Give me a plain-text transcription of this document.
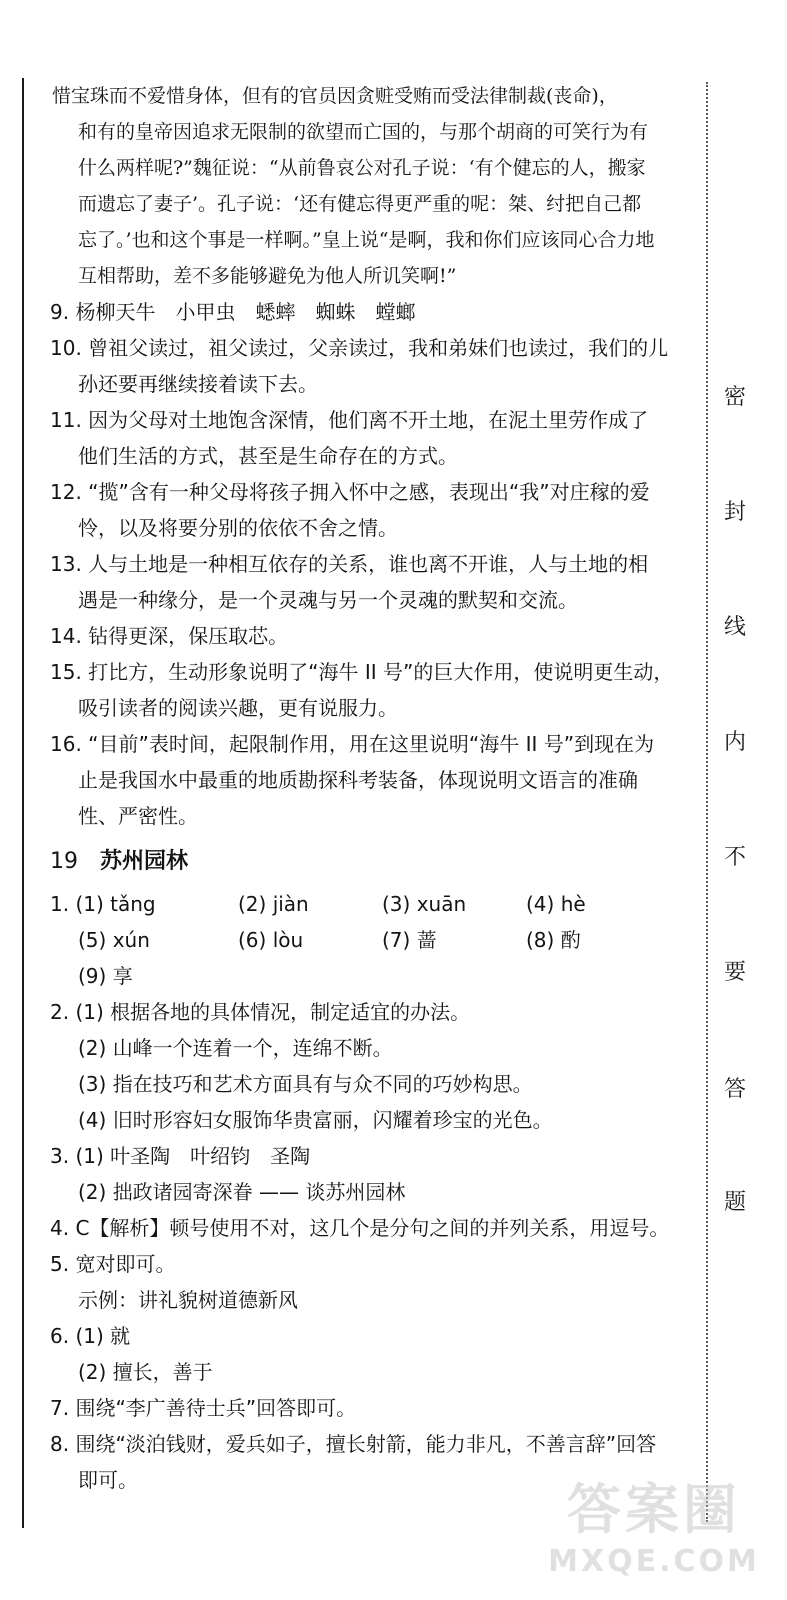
密
封
线
内
不
要
答
题
惜宝珠而不爱惜身体，但有的官员因贪赃受贿而受法律制裁(丧命)，
和有的皇帝因追求无限制的欲望而亡国的，与那个胡商的可笑行为有
什么两样呢?”魏征说：“从前鲁哀公对孔子说：‘有个健忘的人，搬家
而遗忘了妻子’。孔子说：‘还有健忘得更严重的呢：桀、纣把自己都
忘了。’也和这个事是一样啊。”皇上说“是啊，我和你们应该同心合力地
互相帮助，差不多能够避免为他人所讥笑啊!”
9. 杨柳天牛　小甲虫　蟋蟀　蜘蛛　螳螂
10. 曾祖父读过，祖父读过，父亲读过，我和弟妹们也读过，我们的儿
孙还要再继续接着读下去。
11. 因为父母对土地饱含深情，他们离不开土地，在泥土里劳作成了
他们生活的方式，甚至是生命存在的方式。
12. “揽”含有一种父母将孩子拥入怀中之感，表现出“我”对庄稼的爱
怜，以及将要分别的依依不舍之情。
13. 人与土地是一种相互依存的关系，谁也离不开谁，人与土地的相
遇是一种缘分，是一个灵魂与另一个灵魂的默契和交流。
14. 钻得更深，保压取芯。
15. 打比方，生动形象说明了“海牛 II 号”的巨大作用，使说明更生动，
吸引读者的阅读兴趣，更有说服力。
16. “目前”表时间，起限制作用，用在这里说明“海牛 II 号”到现在为
止是我国水中最重的地质勘探科考装备，体现说明文语言的准确
性、严密性。
19 苏州园林
1. (1) tǎng	(2) jiàn	(3) xuān	(4) hè
(5) xún	(6) lòu	(7) 蔷	(8) 酌
(9) 享
2. (1) 根据各地的具体情况，制定适宜的办法。
(2) 山峰一个连着一个，连绵不断。
(3) 指在技巧和艺术方面具有与众不同的巧妙构思。
(4) 旧时形容妇女服饰华贵富丽，闪耀着珍宝的光色。
3. (1) 叶圣陶　叶绍钧　圣陶
(2) 拙政诸园寄深眷 —— 谈苏州园林
4. C【解析】顿号使用不对，这几个是分句之间的并列关系，用逗号。
5. 宽对即可。
示例：讲礼貌树道德新风
6. (1) 就
(2) 擅长，善于
7. 围绕“李广善待士兵”回答即可。
8. 围绕“淡泊钱财，爱兵如子，擅长射箭，能力非凡，不善言辞”回答
即可。	答案圈
MXQE.COM
